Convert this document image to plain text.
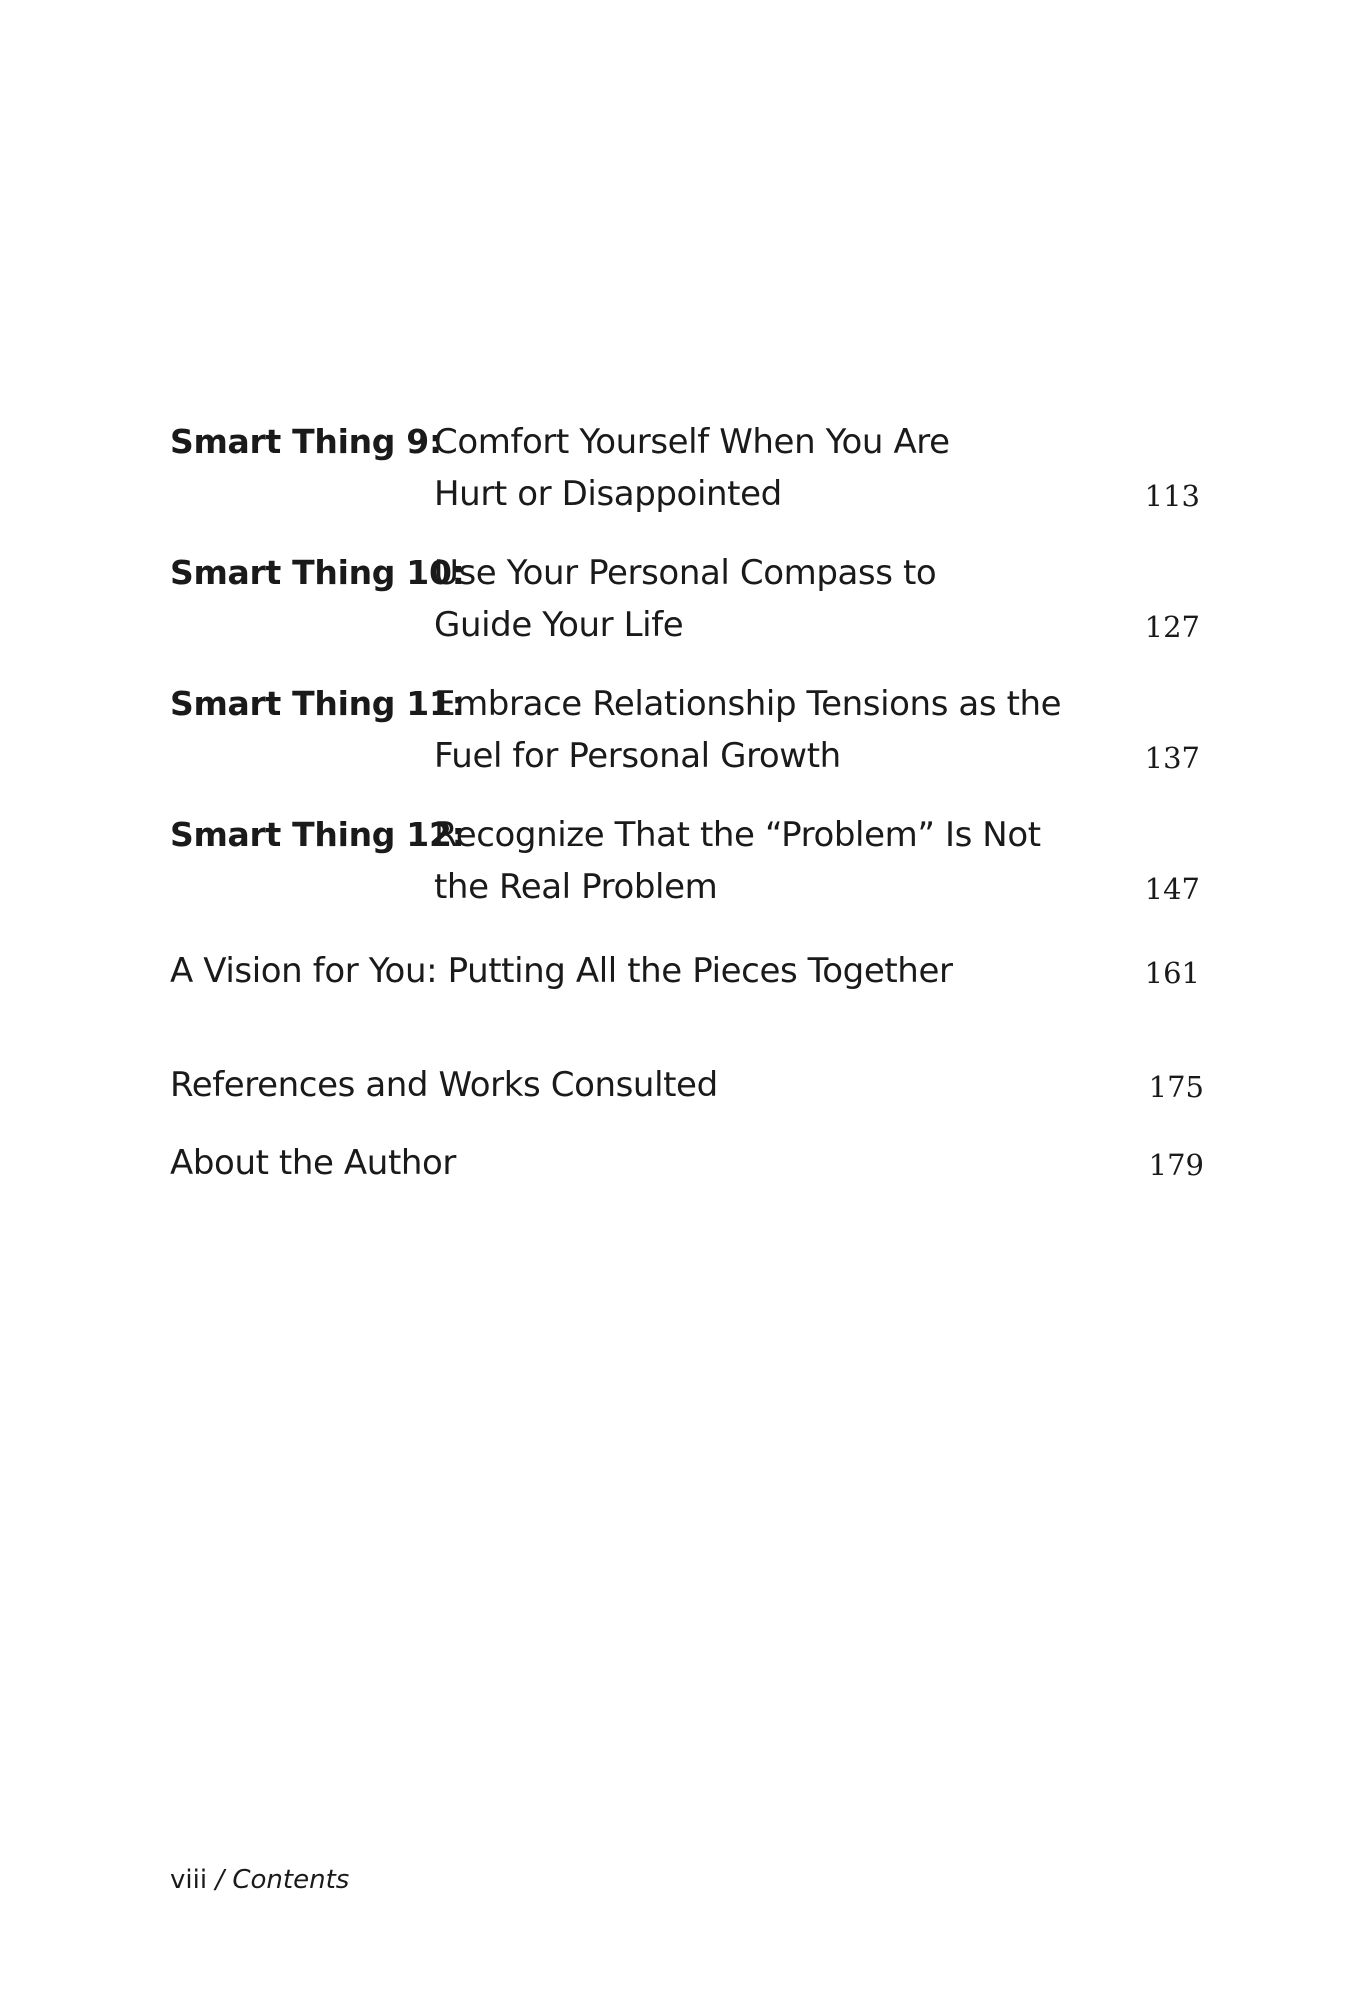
Smart Thing 9:
Comfort Yourself When You Are
Hurt or Disappointed	113
Smart Thing 10:
Use Your Personal Compass to
Guide Your Life	127
Smart Thing 11:
Embrace Relationship Tensions as the
Fuel for Personal Growth	137
Smart Thing 12:
Recognize That the “Problem” Is Not
the Real Problem	147
A Vision for You: Putting All the Pieces Together	161
References and Works Consulted	175
About the Author	179
viii / Contents
